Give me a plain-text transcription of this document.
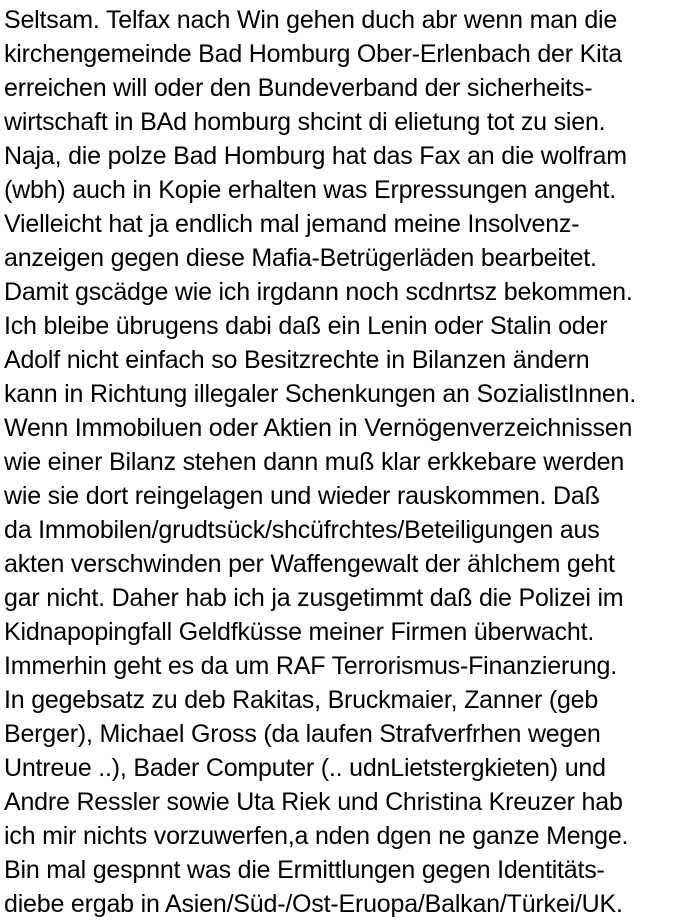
Seltsam. Telfax nach Win gehen duch abr wenn man die
kirchengemeinde Bad Homburg Ober-Erlenbach der Kita
erreichen will oder den Bundeverband der sicherheits-
wirtschaft in BAd homburg shcint di elietung tot zu sien.
Naja, die polze Bad Homburg hat das Fax an die wolfram
(wbh) auch in Kopie erhalten was Erpressungen angeht.
Vielleicht hat ja endlich mal jemand meine Insolvenz-
anzeigen gegen diese Mafia-Betrügerläden bearbeitet.
Damit gscädge wie ich irgdann noch scdnrtsz bekommen.
Ich bleibe übrugens dabi daß ein Lenin oder Stalin oder
Adolf nicht einfach so Besitzrechte in Bilanzen ändern
kann in Richtung illegaler Schenkungen an SozialistInnen.
Wenn Immobiluen oder Aktien in Vernögenverzeichnissen
wie einer Bilanz stehen dann muß klar erkkebare werden
wie sie dort reingelagen und wieder rauskommen. Daß
da Immobilen/grudtsück/shcüfrchtes/Beteiligungen aus
akten verschwinden per Waffengewalt der ählchem geht
gar nicht. Daher hab ich ja zusgetimmt daß die Polizei im
Kidnapopingfall Geldfküsse meiner Firmen überwacht.
Immerhin geht es da um RAF Terrorismus-Finanzierung.
In gegebsatz zu deb Rakitas, Bruckmaier, Zanner (geb
Berger), Michael Gross (da laufen Strafverfrhen wegen
Untreue ..), Bader Computer (.. udnLietstergkieten) und
Andre Ressler sowie Uta Riek und Christina Kreuzer hab
ich mir nichts vorzuwerfen,a nden dgen ne ganze Menge.
Bin mal gespnnt was die Ermittlungen gegen Identitäts-
diebe ergab in Asien/Süd-/Ost-Eruopa/Balkan/Türkei/UK.
